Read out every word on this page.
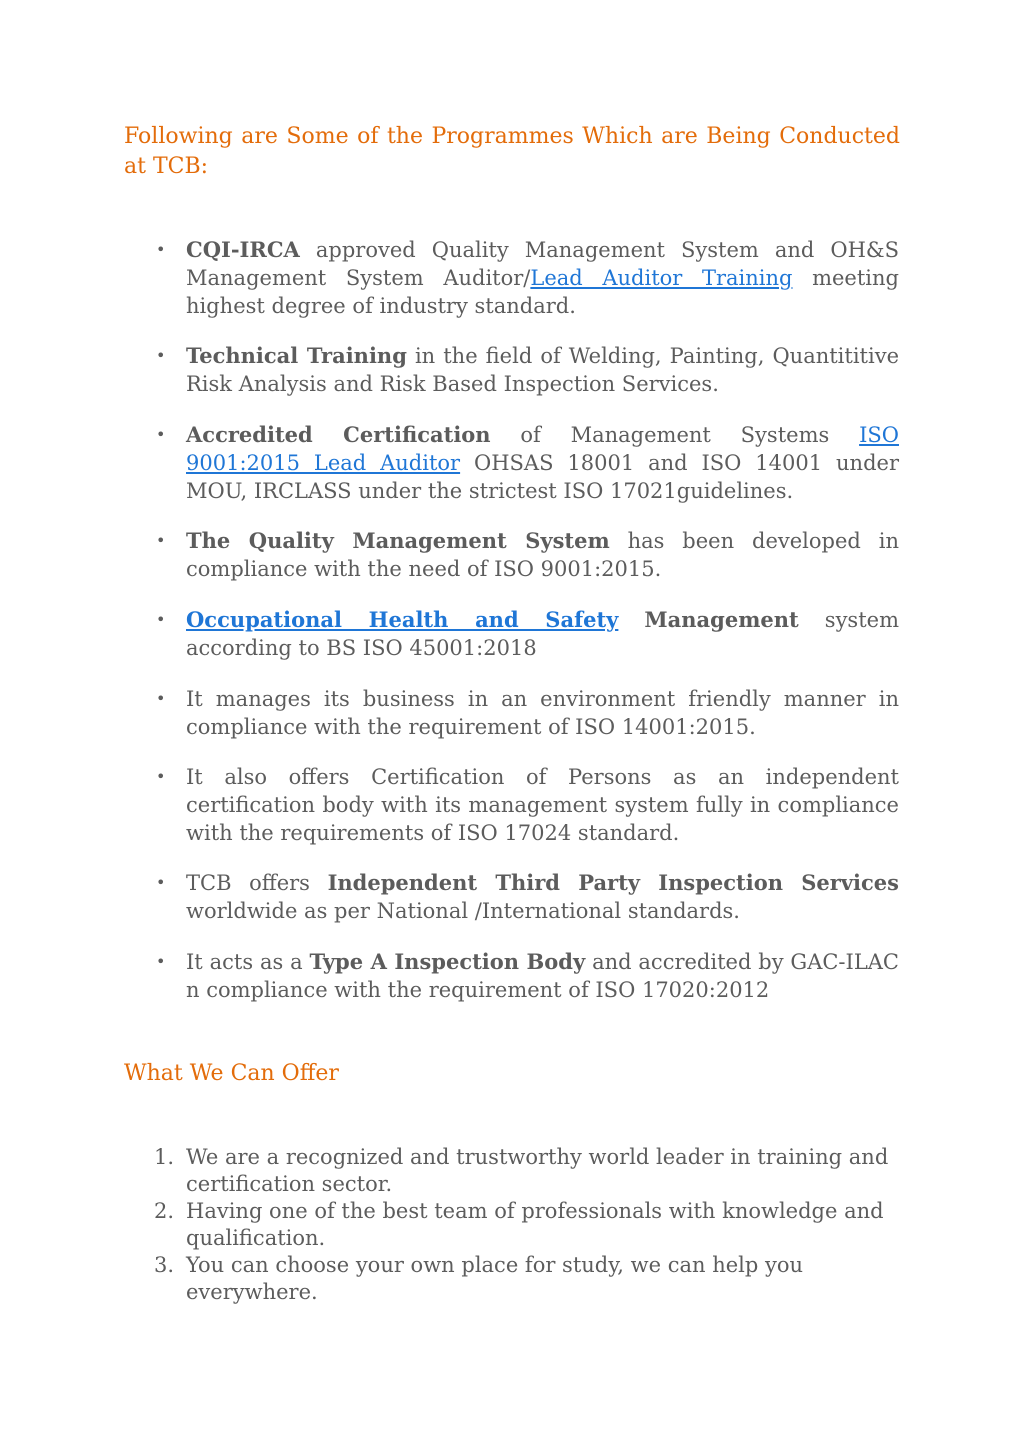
Following are Some of the Programmes Which are Being Conducted at TCB:
• CQI-IRCA approved Quality Management System and OH&S Management System Auditor/Lead Auditor Training meeting highest degree of industry standard.
• Technical Training in the field of Welding, Painting, Quantititive Risk Analysis and Risk Based Inspection Services.
• Accredited Certification of Management Systems ISO 9001:2015 Lead Auditor OHSAS 18001 and ISO 14001 under MOU, IRCLASS under the strictest ISO 17021guidelines.
• The Quality Management System has been developed in compliance with the need of ISO 9001:2015.
• Occupational Health and Safety Management system according to BS ISO 45001:2018
• It manages its business in an environment friendly manner in compliance with the requirement of ISO 14001:2015.
• It also offers Certification of Persons as an independent certification body with its management system fully in compliance with the requirements of ISO 17024 standard.
• TCB offers Independent Third Party Inspection Services worldwide as per National /International standards.
• It acts as a Type A Inspection Body and accredited by GAC-ILAC n compliance with the requirement of ISO 17020:2012
What We Can Offer
1. We are a recognized and trustworthy world leader in training and certification sector.
2. Having one of the best team of professionals with knowledge and qualification.
3. You can choose your own place for study, we can help you everywhere.
